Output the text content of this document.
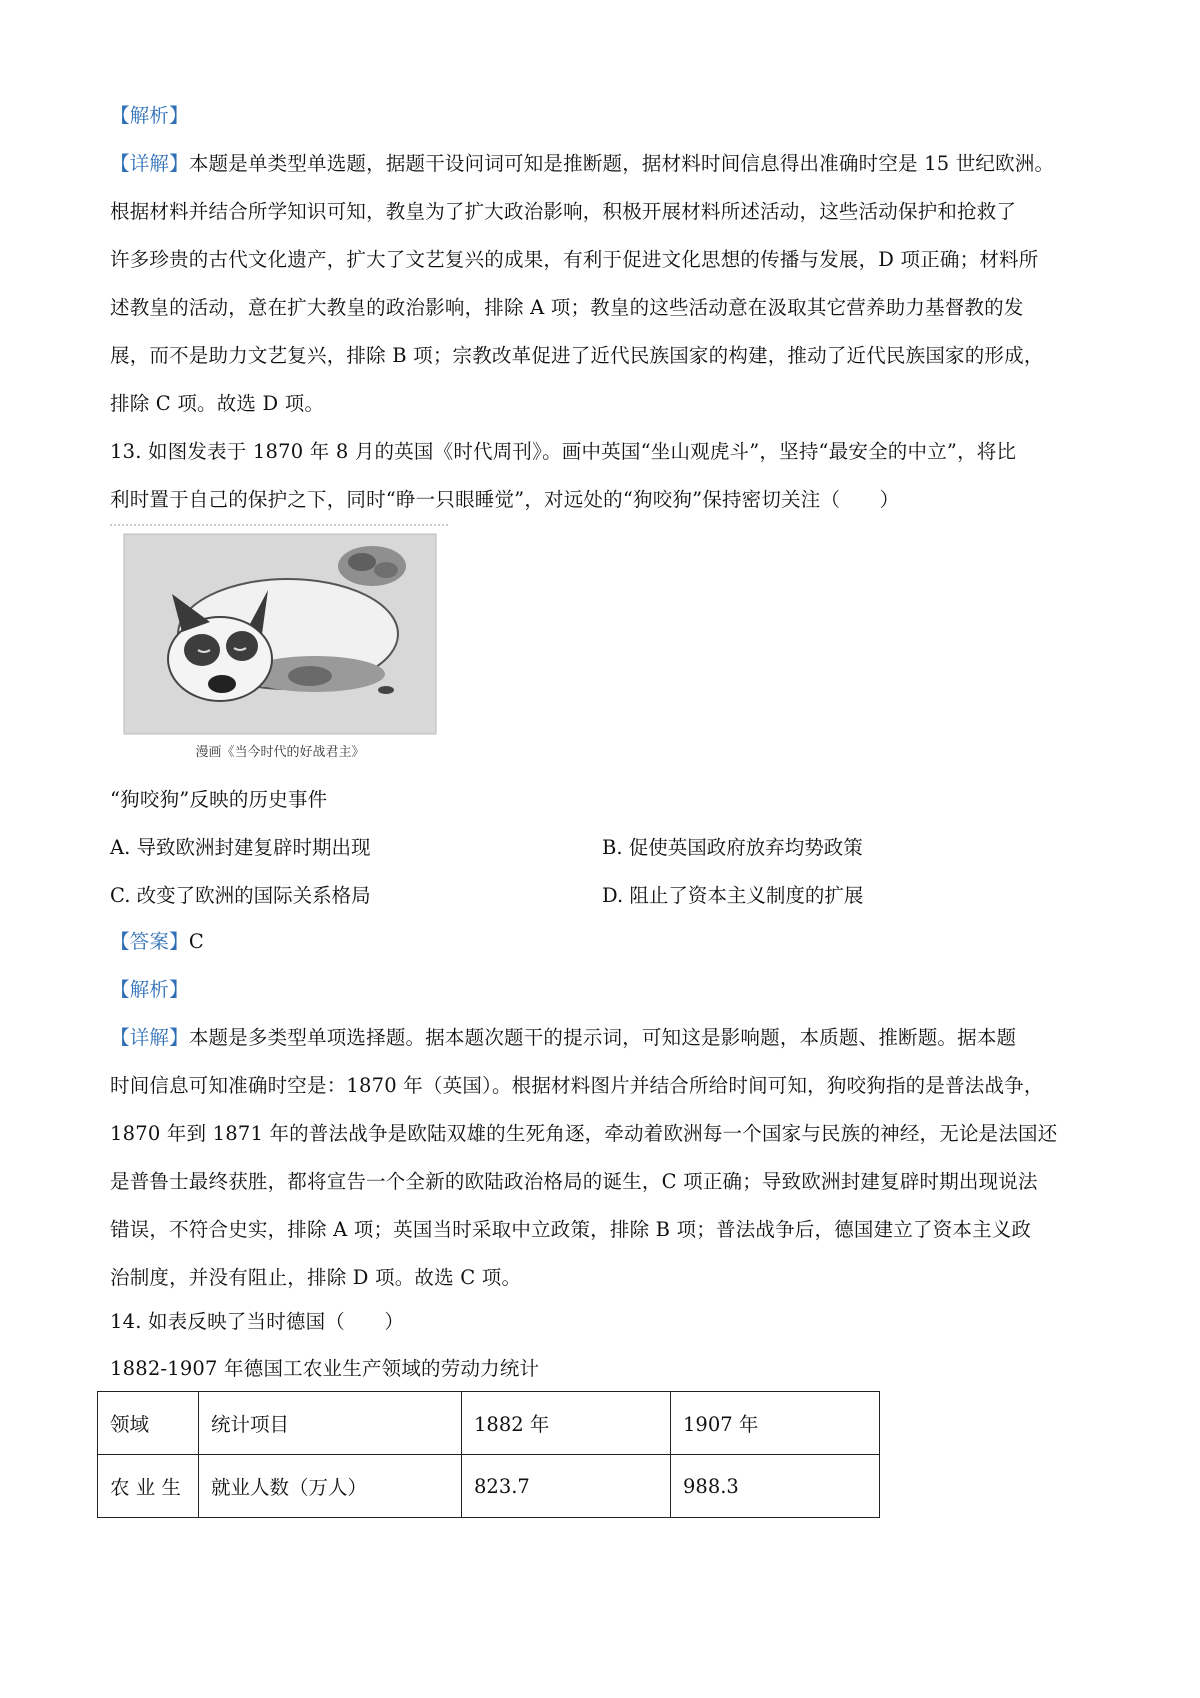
【解析】
【详解】本题是单类型单选题，据题干设问词可知是推断题，据材料时间信息得出准确时空是 15 世纪欧洲。
根据材料并结合所学知识可知，教皇为了扩大政治影响，积极开展材料所述活动，这些活动保护和抢救了
许多珍贵的古代文化遗产，扩大了文艺复兴的成果，有利于促进文化思想的传播与发展，D 项正确；材料所
述教皇的活动，意在扩大教皇的政治影响，排除 A 项；教皇的这些活动意在汲取其它营养助力基督教的发
展，而不是助力文艺复兴，排除 B 项；宗教改革促进了近代民族国家的构建，推动了近代民族国家的形成，
排除 C 项。故选 D 项。
13. 如图发表于 1870 年 8 月的英国《时代周刊》。画中英国“坐山观虎斗”，坚持“最安全的中立”，将比
利时置于自己的保护之下，同时“睁一只眼睡觉”，对远处的“狗咬狗”保持密切关注（　　）
漫画《当今时代的好战君主》
“狗咬狗”反映的历史事件
A. 导致欧洲封建复辟时期出现	B. 促使英国政府放弃均势政策
C. 改变了欧洲的国际关系格局	D. 阻止了资本主义制度的扩展
【答案】C
【解析】
【详解】本题是多类型单项选择题。据本题次题干的提示词，可知这是影响题，本质题、推断题。据本题
时间信息可知准确时空是：1870 年（英国）。根据材料图片并结合所给时间可知，狗咬狗指的是普法战争，
1870 年到 1871 年的普法战争是欧陆双雄的生死角逐，牵动着欧洲每一个国家与民族的神经，无论是法国还
是普鲁士最终获胜，都将宣告一个全新的欧陆政治格局的诞生，C 项正确；导致欧洲封建复辟时期出现说法
错误，不符合史实，排除 A 项；英国当时采取中立政策，排除 B 项；普法战争后，德国建立了资本主义政
治制度，并没有阻止，排除 D 项。故选 C 项。
14. 如表反映了当时德国（　　）
1882-1907 年德国工农业生产领域的劳动力统计
领域	统计项目	1882 年	1907 年
农 业 生	就业人数（万人）	823.7	988.3
